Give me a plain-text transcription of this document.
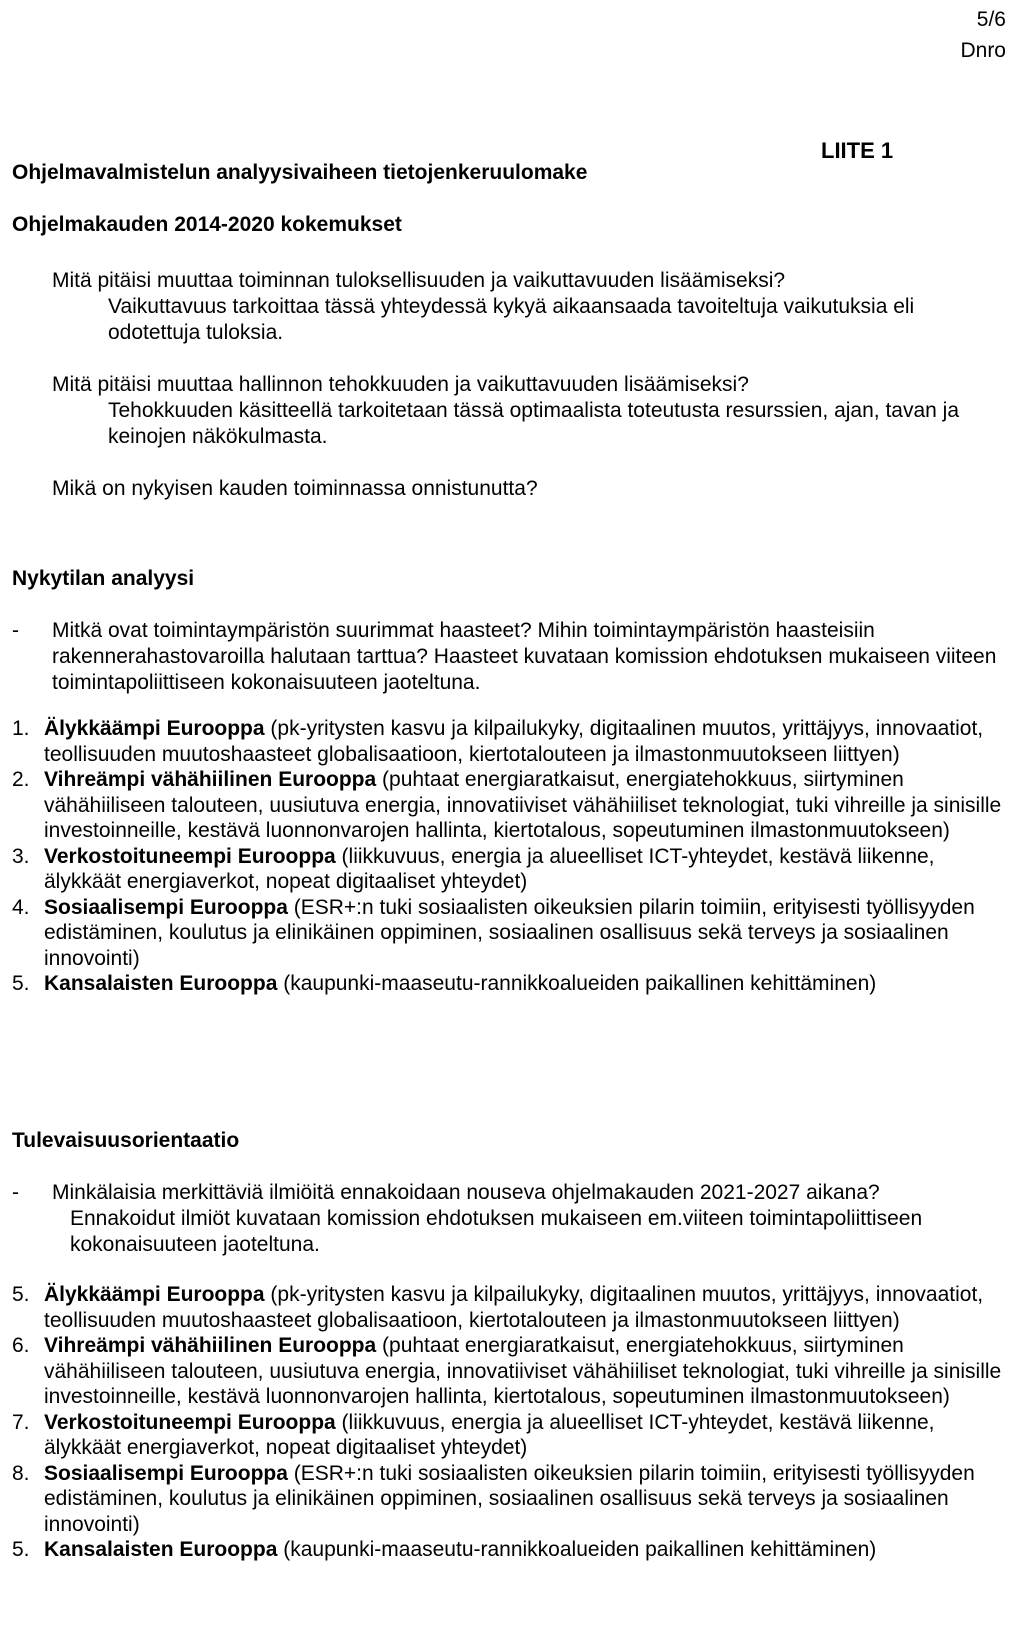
5/6
Dnro
LIITE 1
Ohjelmavalmistelun analyysivaiheen tietojenkeruulomake
Ohjelmakauden 2014-2020 kokemukset
Mitä pitäisi muuttaa toiminnan tuloksellisuuden ja vaikuttavuuden lisäämiseksi?
Vaikuttavuus tarkoittaa tässä yhteydessä kykyä aikaansaada tavoiteltuja vaikutuksia eli odotettuja tuloksia.
Mitä pitäisi muuttaa hallinnon tehokkuuden ja vaikuttavuuden lisäämiseksi?
Tehokkuuden käsitteellä tarkoitetaan tässä optimaalista toteutusta resurssien, ajan, tavan ja keinojen näkökulmasta.
Mikä on nykyisen kauden toiminnassa onnistunutta?
Nykytilan analyysi
- Mitkä ovat toimintaympäristön suurimmat haasteet? Mihin toimintaympäristön haasteisiin rakennerahastovaroilla halutaan tarttua? Haasteet kuvataan komission ehdotuksen mukaiseen viiteen toimintapoliittiseen kokonaisuuteen jaoteltuna.
1. Älykkäämpi Eurooppa (pk-yritysten kasvu ja kilpailukyky, digitaalinen muutos, yrittäjyys, innovaatiot, teollisuuden muutoshaasteet globalisaatioon, kiertotalouteen ja ilmastonmuutokseen liittyen)
2. Vihreämpi vähähiilinen Eurooppa (puhtaat energiaratkaisut, energiatehokkuus, siirtyminen vähähiiliseen talouteen, uusiutuva energia, innovatiiviset vähähiiliset teknologiat, tuki vihreille ja sinisille investoinneille, kestävä luonnonvarojen hallinta, kiertotalous, sopeutuminen ilmastonmuutokseen)
3. Verkostoituneempi Eurooppa (liikkuvuus, energia ja alueelliset ICT-yhteydet, kestävä liikenne, älykkäät energiaverkot, nopeat digitaaliset yhteydet)
4. Sosiaalisempi Eurooppa (ESR+:n tuki sosiaalisten oikeuksien pilarin toimiin, erityisesti työllisyyden edistäminen, koulutus ja elinikäinen oppiminen, sosiaalinen osallisuus sekä terveys ja sosiaalinen innovointi)
5. Kansalaisten Eurooppa (kaupunki-maaseutu-rannikkoalueiden paikallinen kehittäminen)
Tulevaisuusorientaatio
- Minkälaisia merkittäviä ilmiöitä ennakoidaan nouseva ohjelmakauden 2021-2027 aikana?
Ennakoidut ilmiöt kuvataan komission ehdotuksen mukaiseen em.viiteen toimintapoliittiseen kokonaisuuteen jaoteltuna.
5. Älykkäämpi Eurooppa (pk-yritysten kasvu ja kilpailukyky, digitaalinen muutos, yrittäjyys, innovaatiot, teollisuuden muutoshaasteet globalisaatioon, kiertotalouteen ja ilmastonmuutokseen liittyen)
6. Vihreämpi vähähiilinen Eurooppa (puhtaat energiaratkaisut, energiatehokkuus, siirtyminen vähähiiliseen talouteen, uusiutuva energia, innovatiiviset vähähiiliset teknologiat, tuki vihreille ja sinisille investoinneille, kestävä luonnonvarojen hallinta, kiertotalous, sopeutuminen ilmastonmuutokseen)
7. Verkostoituneempi Eurooppa (liikkuvuus, energia ja alueelliset ICT-yhteydet, kestävä liikenne, älykkäät energiaverkot, nopeat digitaaliset yhteydet)
8. Sosiaalisempi Eurooppa (ESR+:n tuki sosiaalisten oikeuksien pilarin toimiin, erityisesti työllisyyden edistäminen, koulutus ja elinikäinen oppiminen, sosiaalinen osallisuus sekä terveys ja sosiaalinen innovointi)
5. Kansalaisten Eurooppa (kaupunki-maaseutu-rannikkoalueiden paikallinen kehittäminen)
